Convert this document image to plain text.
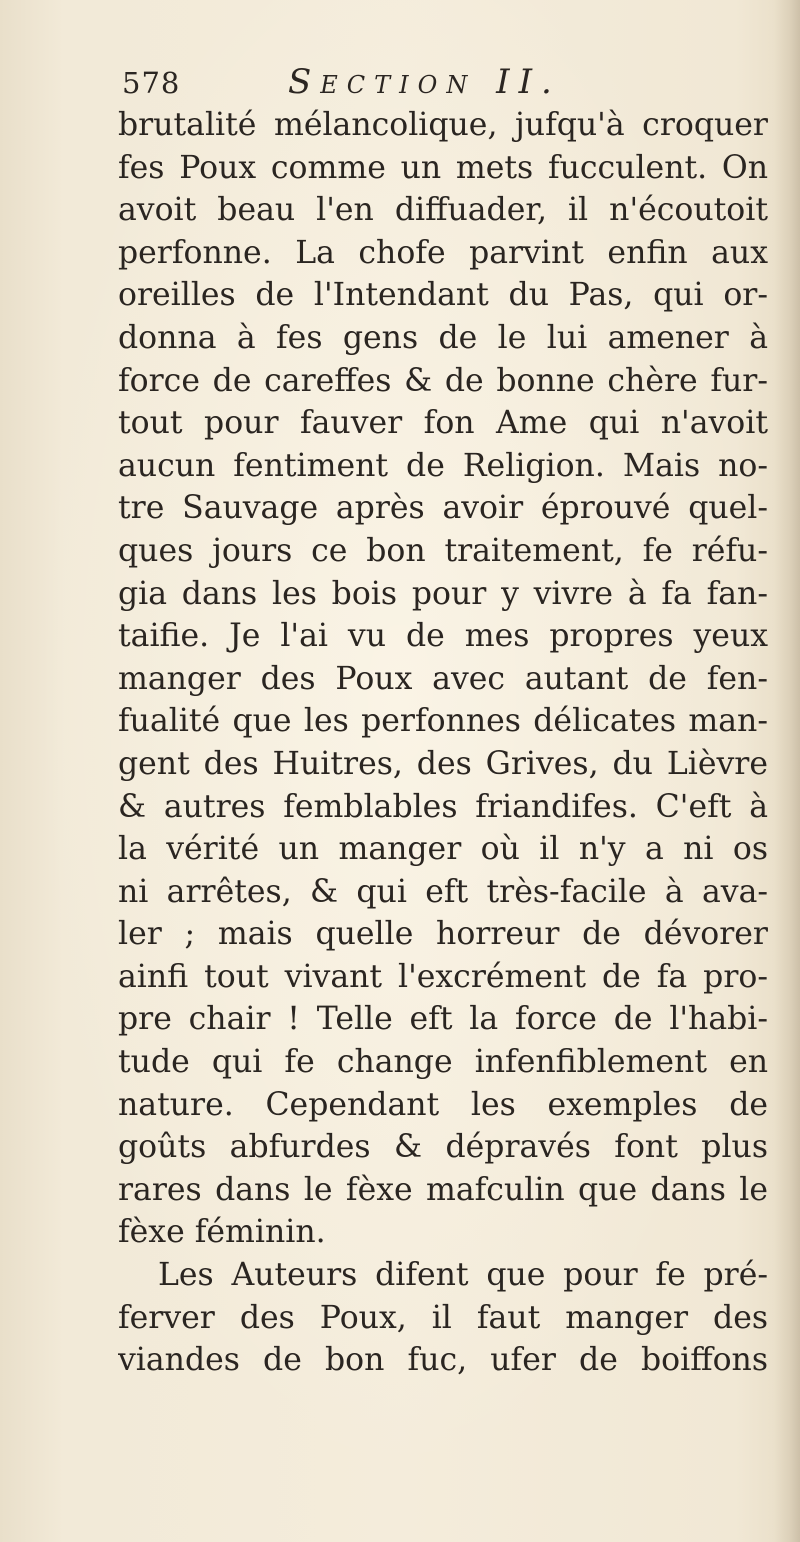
578	Section II.
brutalité mélancolique, jufqu'à croquer
fes Poux comme un mets fucculent. On
avoit beau l'en diffuader, il n'écoutoit
perfonne. La chofe parvint enfin aux
oreilles de l'Intendant du Pas, qui or-
donna à fes gens de le lui amener à
force de careffes & de bonne chère fur-
tout pour fauver fon Ame qui n'avoit
aucun fentiment de Religion. Mais no-
tre Sauvage après avoir éprouvé quel-
ques jours ce bon traitement, fe réfu-
gia dans les bois pour y vivre à fa fan-
taifie. Je l'ai vu de mes propres yeux
manger des Poux avec autant de fen-
fualité que les perfonnes délicates man-
gent des Huitres, des Grives, du Lièvre
& autres femblables friandifes. C'eft à
la vérité un manger où il n'y a ni os
ni arrêtes, & qui eft très-facile à ava-
ler ; mais quelle horreur de dévorer
ainfi tout vivant l'excrément de fa pro-
pre chair ! Telle eft la force de l'habi-
tude qui fe change infenfiblement en
nature. Cependant les exemples de
goûts abfurdes & dépravés font plus
rares dans le fèxe mafculin que dans le
fèxe féminin.
Les Auteurs difent que pour fe pré-
ferver des Poux, il faut manger des
viandes de bon fuc, ufer de boiffons
